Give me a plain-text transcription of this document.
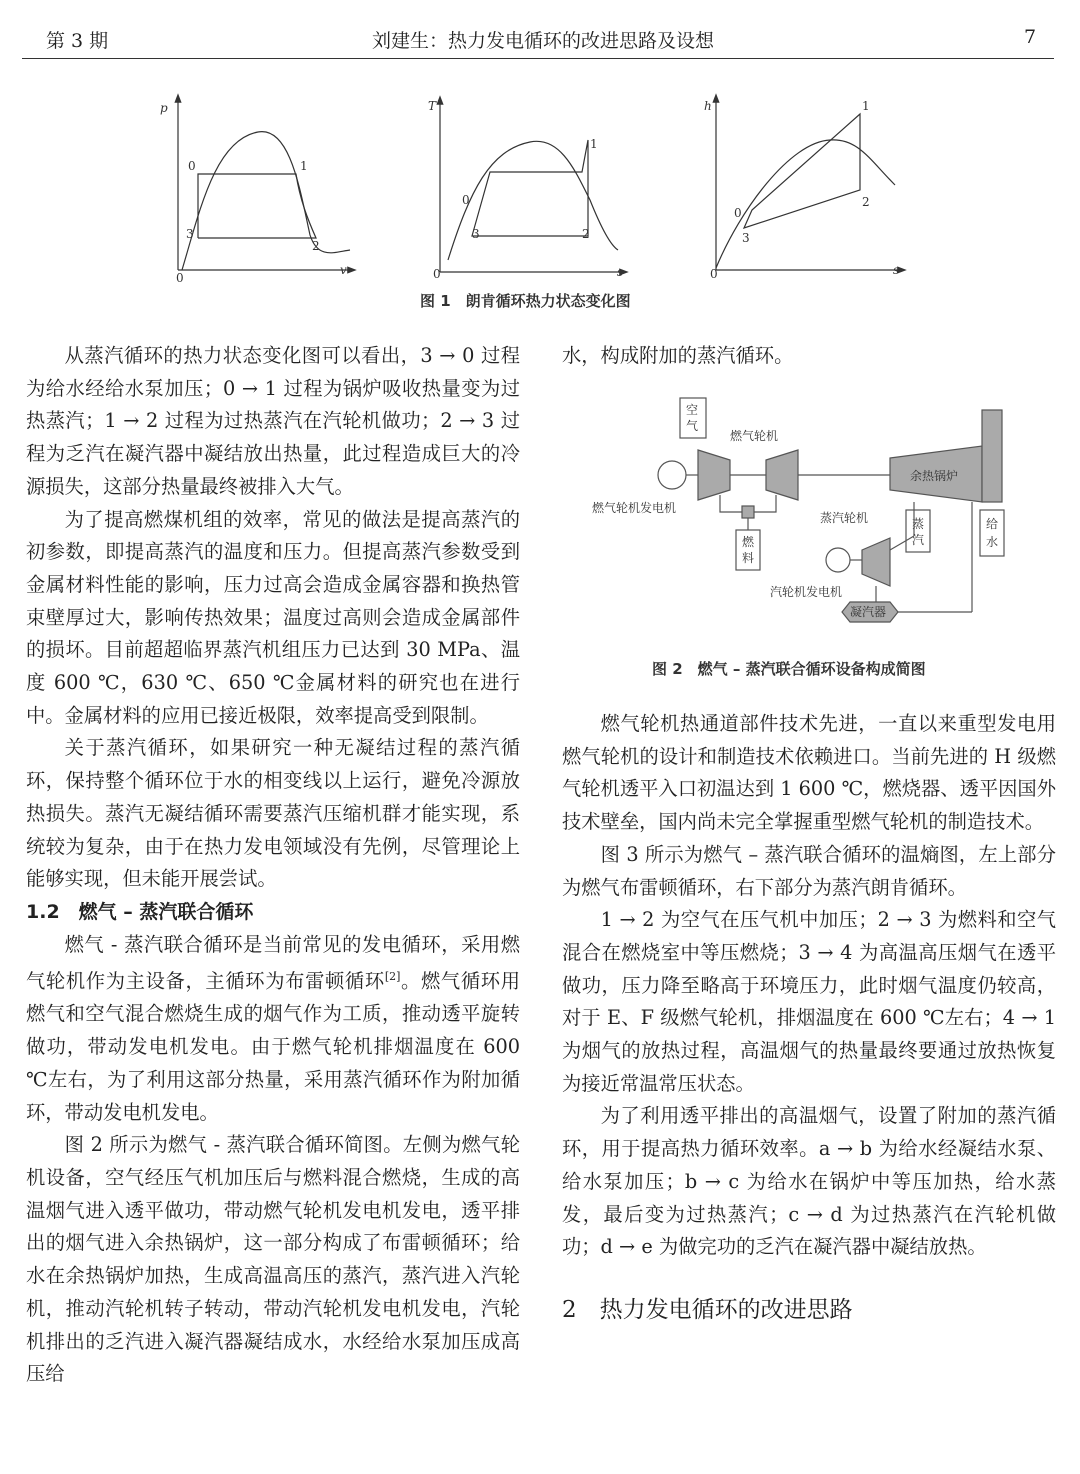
第 3 期	刘建生：热力发电循环的改进思路及设想	7
p
v
T
s
h
s
0
0	1
2
3
0
0
1
2
3
0
0
1
2
3
图 1　朗肯循环热力状态变化图

从蒸汽循环的热力状态变化图可以看出，3 → 0 过程为给水经给水泵加压；0 → 1 过程为锅炉吸收热量变为过热蒸汽；1 → 2 过程为过热蒸汽在汽轮机做功；2 → 3 过程为乏汽在凝汽器中凝结放出热量，此过程造成巨大的冷源损失，这部分热量最终被排入大气。

为了提高燃煤机组的效率，常见的做法是提高蒸汽的初参数，即提高蒸汽的温度和压力。但提高蒸汽参数受到金属材料性能的影响，压力过高会造成金属容器和换热管束壁厚过大，影响传热效果；温度过高则会造成金属部件的损坏。目前超超临界蒸汽机组压力已达到 30 MPa、温度 600 ℃，630 ℃、650 ℃金属材料的研究也在进行中。金属材料的应用已接近极限，效率提高受到限制。

关于蒸汽循环，如果研究一种无凝结过程的蒸汽循环，保持整个循环位于水的相变线以上运行，避免冷源放热损失。蒸汽无凝结循环需要蒸汽压缩机群才能实现，系统较为复杂，由于在热力发电领域没有先例，尽管理论上能够实现，但未能开展尝试。

1.2　燃气 – 蒸汽联合循环

燃气 - 蒸汽联合循环是当前常见的发电循环，采用燃气轮机作为主设备，主循环为布雷顿循环[2]。燃气循环用燃气和空气混合燃烧生成的烟气作为工质，推动透平旋转做功，带动发电机发电。由于燃气轮机排烟温度在 600 ℃左右，为了利用这部分热量，采用蒸汽循环作为附加循环，带动发电机发电。

图 2 所示为燃气 - 蒸汽联合循环简图。左侧为燃气轮机设备，空气经压气机加压后与燃料混合燃烧，生成的高温烟气进入透平做功，带动燃气轮机发电机发电，透平排出的烟气进入余热锅炉，这一部分构成了布雷顿循环；给水在余热锅炉加热，生成高温高压的蒸汽，蒸汽进入汽轮机，推动汽轮机转子转动，带动汽轮机发电机发电，汽轮机排出的乏汽进入凝汽器凝结成水，水经给水泵加压成高压给

水，构成附加的蒸汽循环。

空
气
燃气轮机
余热锅炉
燃气轮机发电机
燃
料
蒸汽轮机	蒸
汽
给
水
汽轮机发电机
凝汽器
图 2　燃气 – 蒸汽联合循环设备构成简图

燃气轮机热通道部件技术先进，一直以来重型发电用燃气轮机的设计和制造技术依赖进口。当前先进的 H 级燃气轮机透平入口初温达到 1 600 ℃，燃烧器、透平因国外技术壁垒，国内尚未完全掌握重型燃气轮机的制造技术。

图 3 所示为燃气 – 蒸汽联合循环的温熵图，左上部分为燃气布雷顿循环，右下部分为蒸汽朗肯循环。

1 → 2 为空气在压气机中加压；2 → 3 为燃料和空气混合在燃烧室中等压燃烧；3 → 4 为高温高压烟气在透平做功，压力降至略高于环境压力，此时烟气温度仍较高，对于 E、F 级燃气轮机，排烟温度在 600 ℃左右；4 → 1 为烟气的放热过程，高温烟气的热量最终要通过放热恢复为接近常温常压状态。

为了利用透平排出的高温烟气，设置了附加的蒸汽循环，用于提高热力循环效率。a → b 为给水经凝结水泵、给水泵加压；b → c 为给水在锅炉中等压加热，给水蒸发，最后变为过热蒸汽；c → d 为过热蒸汽在汽轮机做功；d → e 为做完功的乏汽在凝汽器中凝结放热。

2　热力发电循环的改进思路
